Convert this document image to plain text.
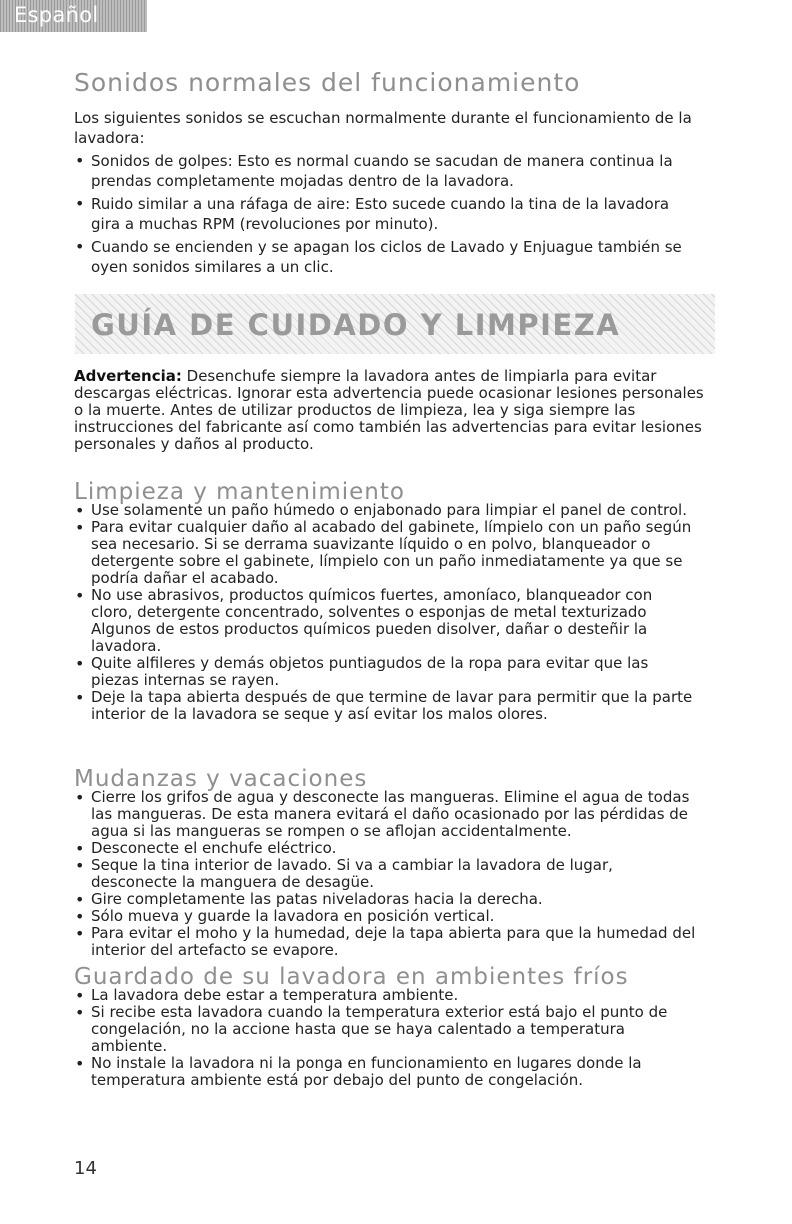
Español
Sonidos normales del funcionamiento

Los siguientes sonidos se escuchan normalmente durante el funcionamiento de la lavadora:

• Sonidos de golpes: Esto es normal cuando se sacudan de manera continua la prendas completamente mojadas dentro de la lavadora.
• Ruido similar a una ráfaga de aire: Esto sucede cuando la tina de la lavadora gira a muchas RPM (revoluciones por minuto).
• Cuando se encienden y se apagan los ciclos de Lavado y Enjuague también se oyen sonidos similares a un clic.
GUÍA DE CUIDADO Y LIMPIEZA

Advertencia: Desenchufe siempre la lavadora antes de limpiarla para evitar descargas eléctricas. Ignorar esta advertencia puede ocasionar lesiones personales o la muerte. Antes de utilizar productos de limpieza, lea y siga siempre las instrucciones del fabricante así como también las advertencias para evitar lesiones personales y daños al producto.

Limpieza y mantenimiento
• Use solamente un paño húmedo o enjabonado para limpiar el panel de control.
• Para evitar cualquier daño al acabado del gabinete, límpielo con un paño según sea necesario. Si se derrama suavizante líquido o en polvo, blanqueador o detergente sobre el gabinete, límpielo con un paño inmediatamente ya que se podría dañar el acabado.
• No use abrasivos, productos químicos fuertes, amoníaco, blanqueador con cloro, detergente concentrado, solventes o esponjas de metal texturizado Algunos de estos productos químicos pueden disolver, dañar o desteñir la lavadora.
• Quite alfileres y demás objetos puntiagudos de la ropa para evitar que las piezas internas se rayen.
• Deje la tapa abierta después de que termine de lavar para permitir que la parte interior de la lavadora se seque y así evitar los malos olores.
Mudanzas y vacaciones
• Cierre los grifos de agua y desconecte las mangueras. Elimine el agua de todas las mangueras. De esta manera evitará el daño ocasionado por las pérdidas de agua si las mangueras se rompen o se aflojan accidentalmente.
• Desconecte el enchufe eléctrico.
• Seque la tina interior de lavado. Si va a cambiar la lavadora de lugar, desconecte la manguera de desagüe.
• Gire completamente las patas niveladoras hacia la derecha.
• Sólo mueva y guarde la lavadora en posición vertical.
• Para evitar el moho y la humedad, deje la tapa abierta para que la humedad del interior del artefacto se evapore.
Guardado de su lavadora en ambientes fríos
• La lavadora debe estar a temperatura ambiente.
• Si recibe esta lavadora cuando la temperatura exterior está bajo el punto de congelación, no la accione hasta que se haya calentado a temperatura ambiente.
• No instale la lavadora ni la ponga en funcionamiento en lugares donde la temperatura ambiente está por debajo del punto de congelación.
14
